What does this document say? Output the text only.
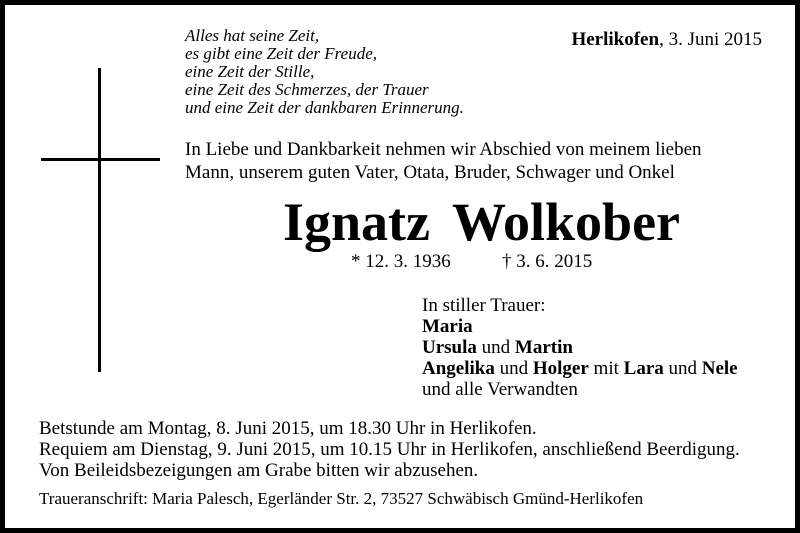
Alles hat seine Zeit,
es gibt eine Zeit der Freude,
eine Zeit der Stille,
eine Zeit des Schmerzes, der Trauer
und eine Zeit der dankbaren Erinnerung.
Herlikofen, 3. Juni 2015
In Liebe und Dankbarkeit nehmen wir Abschied von meinem lieben
Mann, unserem guten Vater, Otata, Bruder, Schwager und Onkel
Ignatz Wolkober
* 12. 3. 1936	† 3. 6. 2015
In stiller Trauer:
Maria
Ursula und Martin
Angelika und Holger mit Lara und Nele
und alle Verwandten
Betstunde am Montag, 8. Juni 2015, um 18.30 Uhr in Herlikofen.
Requiem am Dienstag, 9. Juni 2015, um 10.15 Uhr in Herlikofen, anschließend Beerdigung.
Von Beileidsbezeigungen am Grabe bitten wir abzusehen.
Traueranschrift: Maria Palesch, Egerländer Str. 2, 73527 Schwäbisch Gmünd-Herlikofen
